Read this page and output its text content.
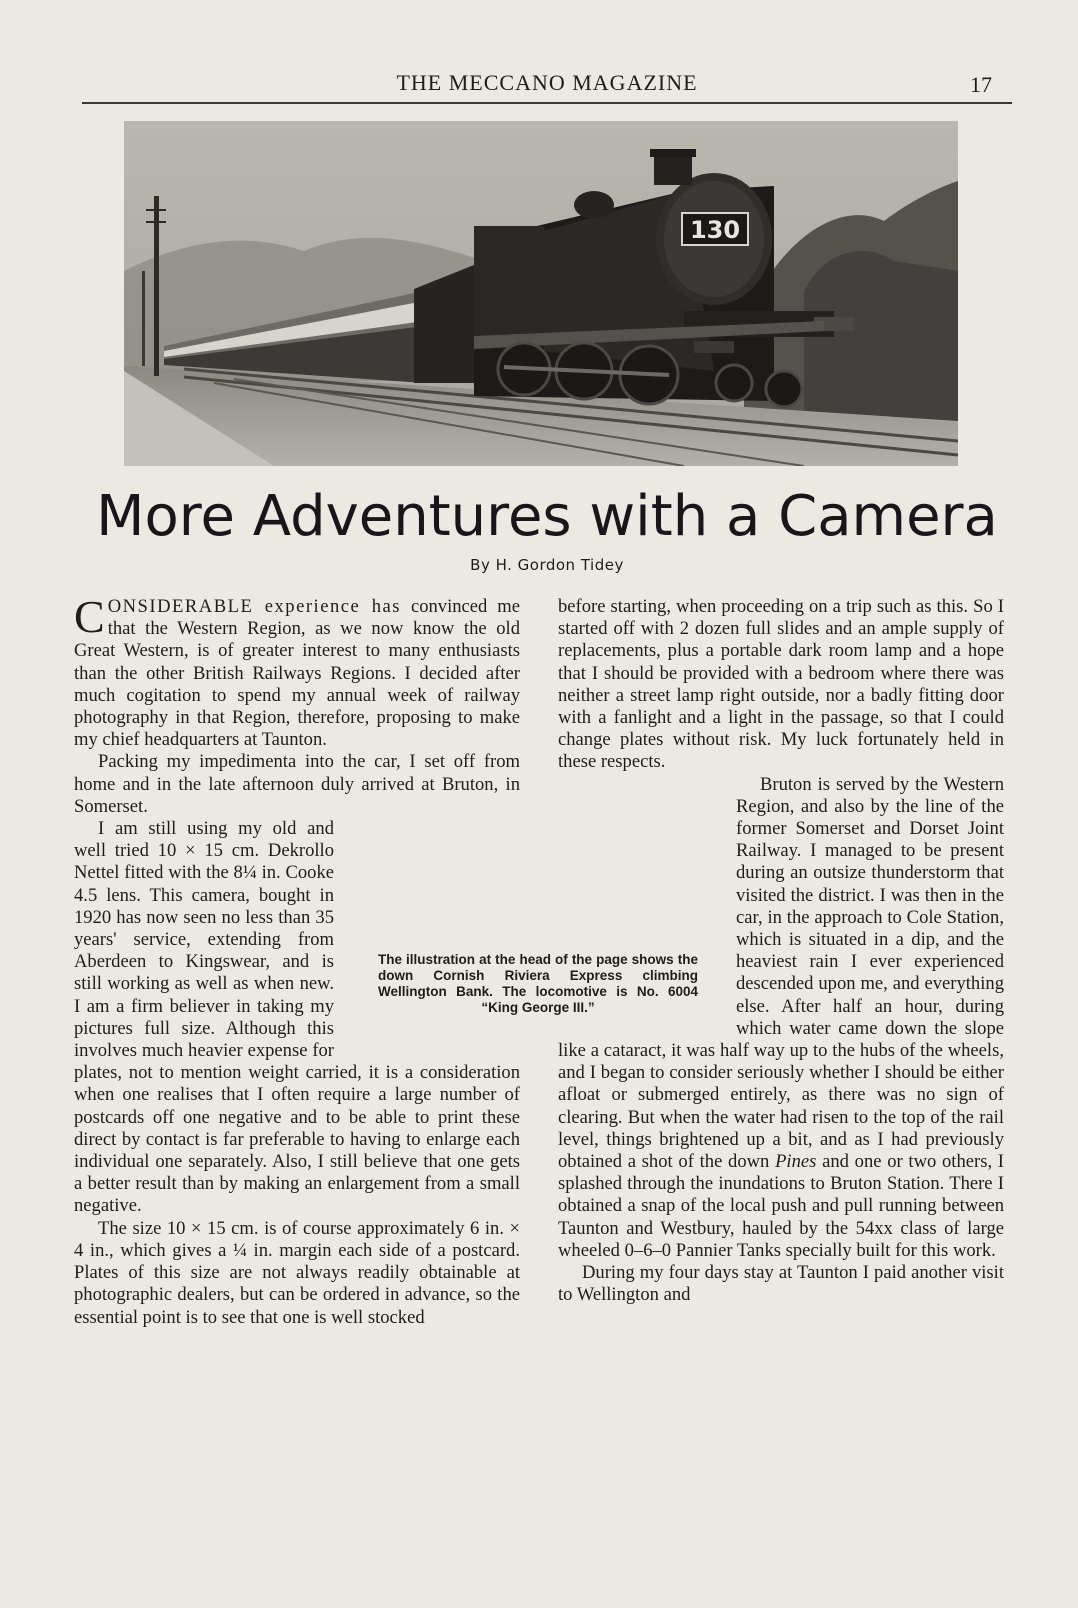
THE MECCANO MAGAZINE	17
130
More Adventures with a Camera
By H. Gordon Tidey

CONSIDERABLE experience has convinced me that the Western Region, as we now know the old Great Western, is of greater interest to many enthusiasts than the other British Railways Regions. I decided after much cogitation to spend my annual week of railway photography in that Region, therefore, proposing to make my chief headquarters at Taunton.

Packing my impedimenta into the car, I set off from home and in the late afternoon duly arrived at Bruton, in Somerset.

I am still using my old and well tried 10 × 15 cm. Dekrollo Nettel fitted with the 8¼ in. Cooke 4.5 lens. This camera, bought in 1920 has now seen no less than 35 years' service, extending from Aberdeen to Kingswear, and is still working as well as when new. I am a firm believer in taking my pictures full size. Although this involves much heavier expense for plates, not to mention weight carried, it is a consideration when one realises that I often require a large number of postcards off one negative and to be able to print these direct by contact is far preferable to having to enlarge each individual one separately. Also, I still believe that one gets a better result than by making an enlargement from a small negative.

The size 10 × 15 cm. is of course approximately 6 in. × 4 in., which gives a ¼ in. margin each side of a postcard. Plates of this size are not always readily obtainable at photographic dealers, but can be ordered in advance, so the essential point is to see that one is well stocked

before starting, when proceeding on a trip such as this. So I started off with 2 dozen full slides and an ample supply of replacements, plus a portable dark room lamp and a hope that I should be provided with a bedroom where there was neither a street lamp right outside, nor a badly fitting door with a fanlight and a light in the passage, so that I could change plates without risk. My luck fortunately held in these respects.

Bruton is served by the Western Region, and also by the line of the former Somerset and Dorset Joint Railway. I managed to be present during an outsize thunderstorm that visited the district. I was then in the car, in the approach to Cole Station, which is situated in a dip, and the heaviest rain I ever experienced descended upon me, and everything else. After half an hour, during which water came down the slope like a cataract, it was half way up to the hubs of the wheels, and I began to consider seriously whether I should be either afloat or submerged entirely, as there was no sign of clearing. But when the water had risen to the top of the rail level, things brightened up a bit, and as I had previously obtained a shot of the down Pines and one or two others, I splashed through the inundations to Bruton Station. There I obtained a snap of the local push and pull running between Taunton and Westbury, hauled by the 54xx class of large wheeled 0–6–0 Pannier Tanks specially built for this work.

During my four days stay at Taunton I paid another visit to Wellington and

The illustration at the head of the page shows the down Cornish Riviera Express climbing Wellington Bank. The locomotive is No. 6004 “King George III.”
